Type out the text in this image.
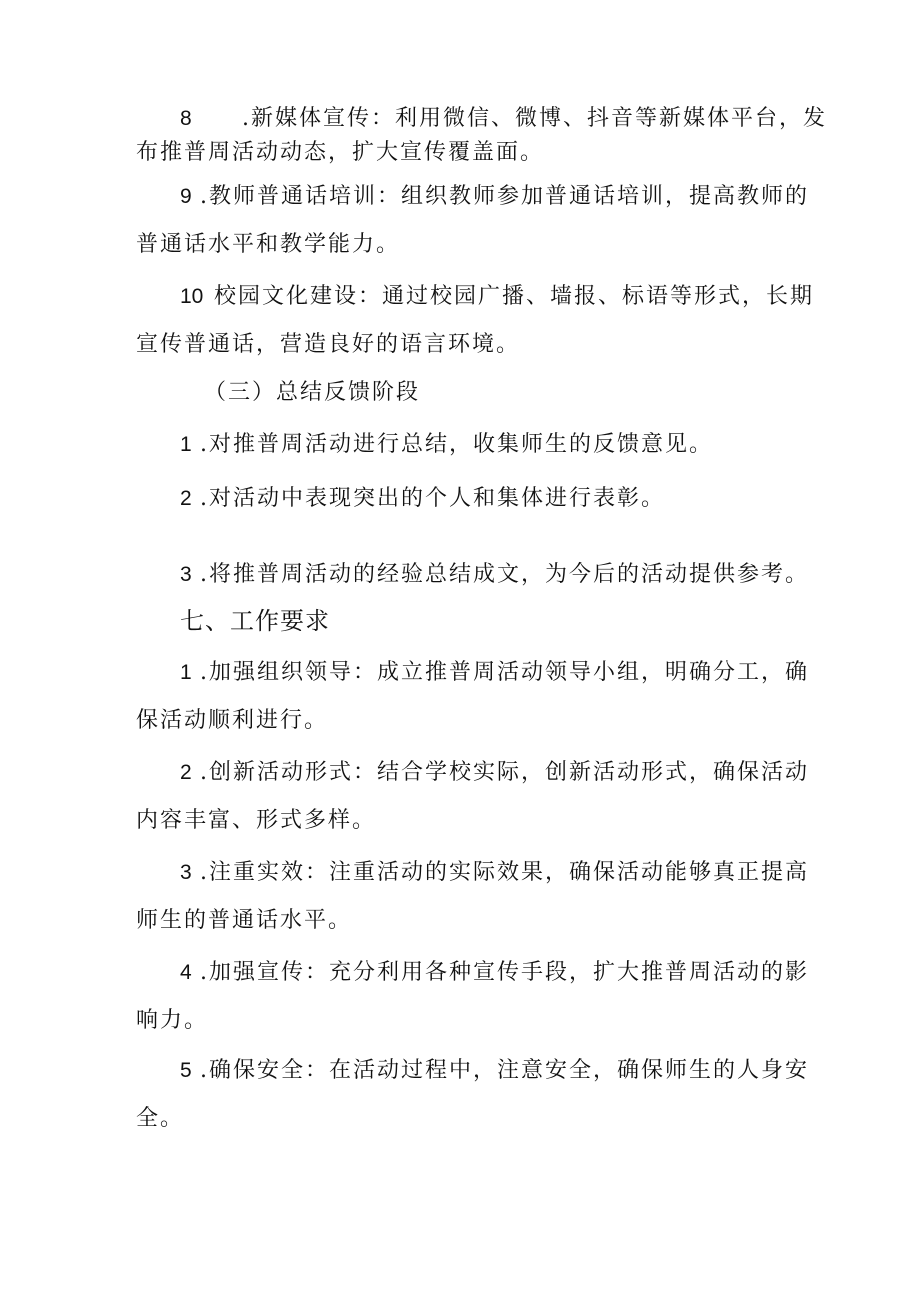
8 .新媒体宣传：利用微信、微博、抖音等新媒体平台，发
布推普周活动动态，扩大宣传覆盖面。
9 .教师普通话培训：组织教师参加普通话培训，提高教师的
普通话水平和教学能力。
10 校园文化建设：通过校园广播、墙报、标语等形式，长期
宣传普通话，营造良好的语言环境。
（三）总结反馈阶段
1 .对推普周活动进行总结，收集师生的反馈意见。
2 .对活动中表现突出的个人和集体进行表彰。
3 .将推普周活动的经验总结成文，为今后的活动提供参考。
七、工作要求
1 .加强组织领导：成立推普周活动领导小组，明确分工，确
保活动顺利进行。
2 .创新活动形式：结合学校实际，创新活动形式，确保活动
内容丰富、形式多样。
3 .注重实效：注重活动的实际效果，确保活动能够真正提高
师生的普通话水平。
4 .加强宣传：充分利用各种宣传手段，扩大推普周活动的影
响力。
5 .确保安全：在活动过程中，注意安全，确保师生的人身安
全。
